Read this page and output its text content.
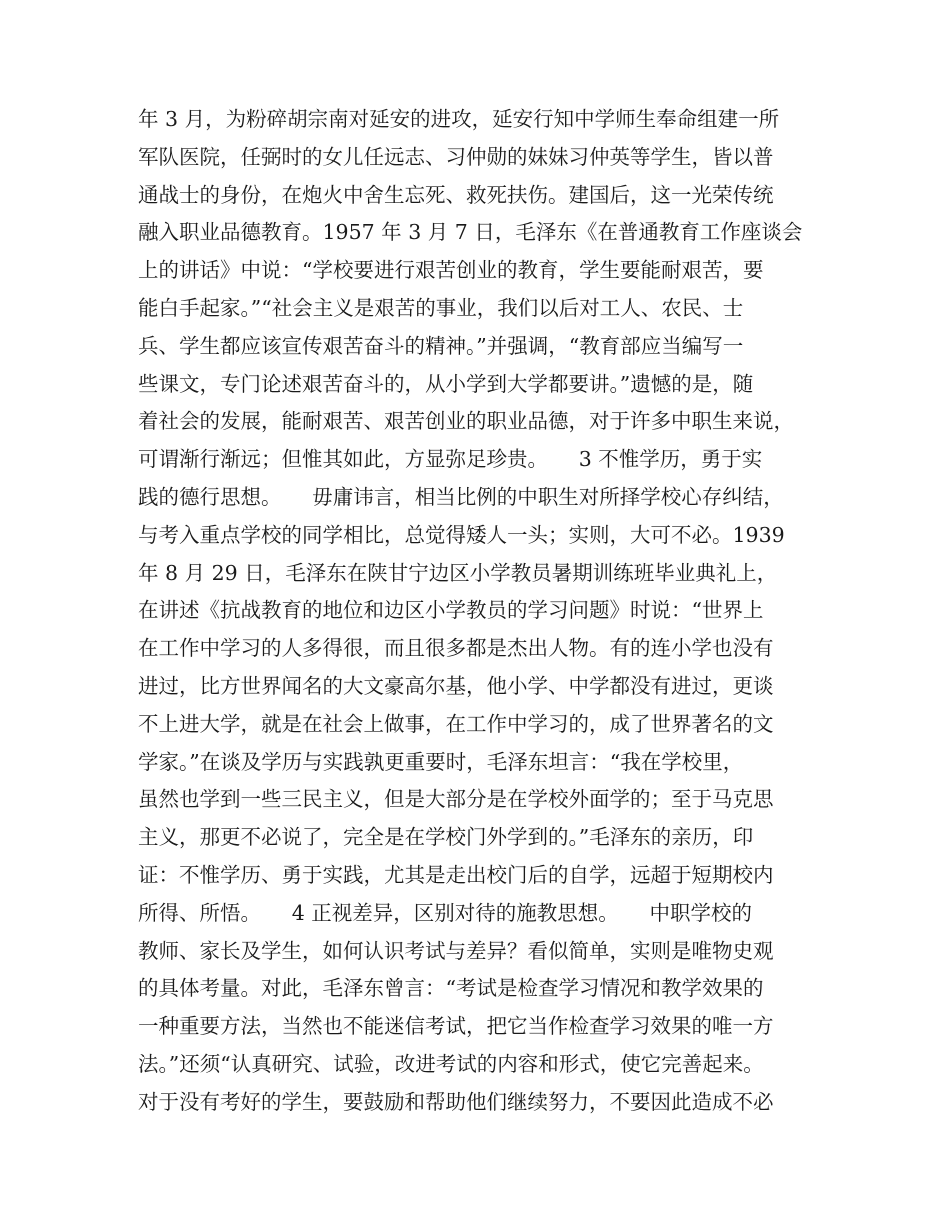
年 3 月，为粉碎胡宗南对延安的进攻，延安行知中学师生奉命组建一所
军队医院，任弼时的女儿任远志、习仲勋的妹妹习仲英等学生，皆以普
通战士的身份，在炮火中舍生忘死、救死扶伤。建国后，这一光荣传统
融入职业品德教育。1957 年 3 月 7 日，毛泽东《在普通教育工作座谈会
上的讲话》中说：“学校要进行艰苦创业的教育，学生要能耐艰苦，要
能白手起家。”“社会主义是艰苦的事业，我们以后对工人、农民、士
兵、学生都应该宣传艰苦奋斗的精神。”并强调，“教育部应当编写一
些课文，专门论述艰苦奋斗的，从小学到大学都要讲。”遗憾的是，随
着社会的发展，能耐艰苦、艰苦创业的职业品德，对于许多中职生来说，
可谓渐行渐远；但惟其如此，方显弥足珍贵。　　3 不惟学历，勇于实
践的德行思想。　　毋庸讳言，相当比例的中职生对所择学校心存纠结，
与考入重点学校的同学相比，总觉得矮人一头；实则，大可不必。1939
年 8 月 29 日，毛泽东在陕甘宁边区小学教员暑期训练班毕业典礼上，
在讲述《抗战教育的地位和边区小学教员的学习问题》时说：“世界上
在工作中学习的人多得很，而且很多都是杰出人物。有的连小学也没有
进过，比方世界闻名的大文豪高尔基，他小学、中学都没有进过，更谈
不上进大学，就是在社会上做事，在工作中学习的，成了世界著名的文
学家。”在谈及学历与实践孰更重要时，毛泽东坦言：“我在学校里，
虽然也学到一些三民主义，但是大部分是在学校外面学的；至于马克思
主义，那更不必说了，完全是在学校门外学到的。”毛泽东的亲历，印
证：不惟学历、勇于实践，尤其是走出校门后的自学，远超于短期校内
所得、所悟。　　4 正视差异，区别对待的施教思想。　　中职学校的
教师、家长及学生，如何认识考试与差异？看似简单，实则是唯物史观
的具体考量。对此，毛泽东曾言：“考试是检查学习情况和教学效果的
一种重要方法，当然也不能迷信考试，把它当作检查学习效果的唯一方
法。”还须“认真研究、试验，改进考试的内容和形式，使它完善起来。
对于没有考好的学生，要鼓励和帮助他们继续努力，不要因此造成不必
